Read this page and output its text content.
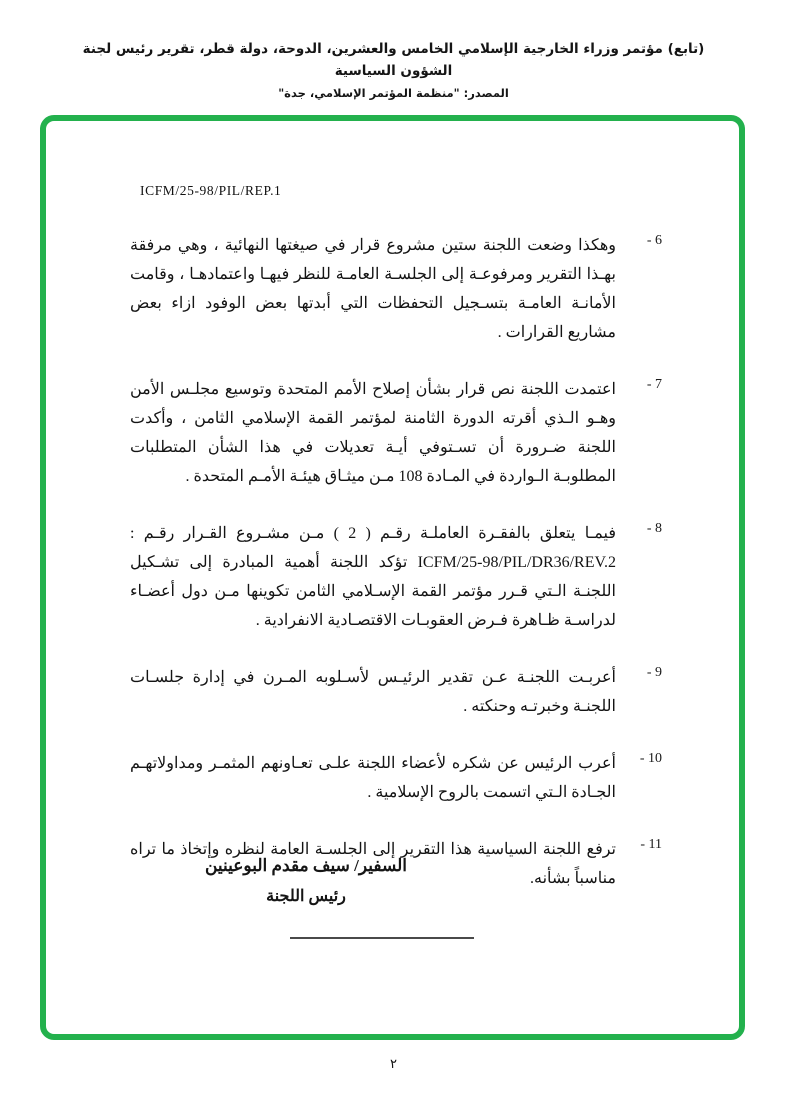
(تابع) مؤتمر وزراء الخارجية الإسلامي الخامس والعشرين، الدوحة، دولة قطر، تقرير رئيس لجنة الشؤون السياسية
المصدر: "منظمة المؤتمر الإسلامي، جدة"
ICFM/25-98/PIL/REP.1
6 -
وهكذا وضعت اللجنة ستين مشروع قرار في صيغتها النهائية ، وهي مرفقة بهـذا التقرير ومرفوعـة إلى الجلسـة العامـة للنظر فيهـا واعتمادهـا ، وقامت الأمانـة العامـة بتسـجيل التحفظات التي أبدتها بعض الوفود ازاء بعض مشاريع القرارات .
7 -
اعتمدت اللجنة نص قرار بشأن إصلاح الأمم المتحدة وتوسيع مجلـس الأمن وهـو الـذي أقرته الدورة الثامنة لمؤتمر القمة الإسلامي الثامن ، وأكدت اللجنة ضـرورة أن تسـتوفي أيـة تعديلات في هذا الشأن المتطلبات المطلوبـة الـواردة في المـادة 108 مـن ميثـاق هيئـة الأمـم المتحدة .
8 -
فيمـا يتعلق بالفقـرة العاملـة رقـم ( 2 ) مـن مشـروع القـرار رقـم : ICFM/25-98/PIL/DR36/REV.2 تؤكد اللجنة أهمية المبادرة إلى تشـكيل اللجنـة الـتي قـرر مؤتمر القمة الإسـلامي الثامن تكوينها مـن دول أعضـاء لدراسـة ظـاهرة فـرض العقوبـات الاقتصـادية الانفرادية .
9 -
أعربـت اللجنـة عـن تقدير الرئيـس لأسـلوبه المـرن في إدارة جلسـات اللجنـة وخبرتـه وحنكته .
10 -
أعرب الرئيس عن شكره لأعضاء اللجنة علـى تعـاونهم المثمـر ومداولاتهـم الجـادة الـتي اتسمت بالروح الإسلامية .
11 -
ترفع اللجنة السياسية هذا التقرير إلى الجلسـة العامة لنظره وإتخاذ ما تراه مناسباً بشأنه.
السفير/ سيف مقدم البوعينين
رئيس اللجنة
٢
